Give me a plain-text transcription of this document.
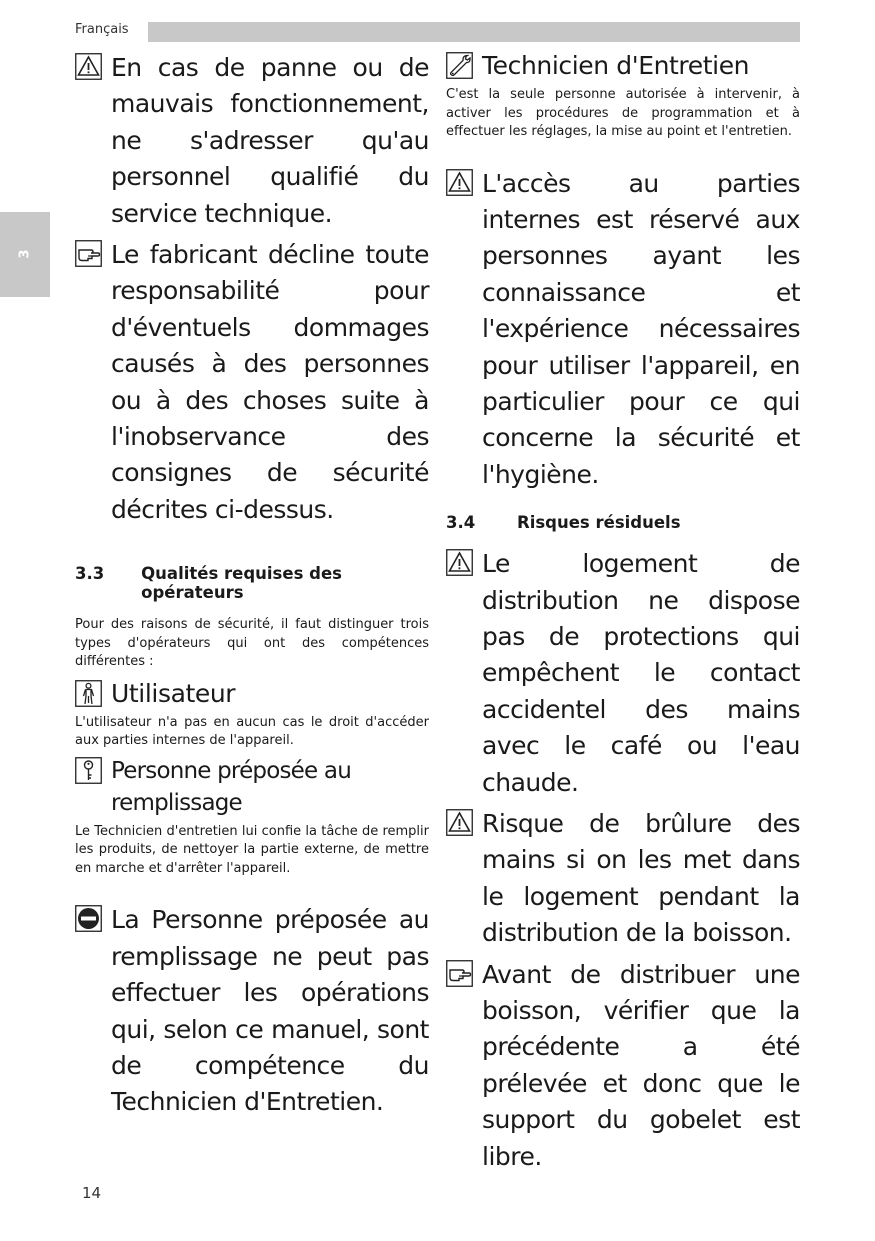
Français
3
14
En cas de panne ou de mauvais fonctionnement, ne s'adresser qu'au personnel qualifié du service technique.
Le fabricant décline toute responsabilité pour d'éventuels dommages causés à des personnes ou à des choses suite à l'inobservance des consignes de sécurité décrites ci-dessus.
3.3	Qualités requises des opérateurs
Pour des raisons de sécurité, il faut distinguer trois types d'opérateurs qui ont des compétences différentes :
Utilisateur
L'utilisateur n'a pas en aucun cas le droit d'accéder aux parties internes de l'appareil.
Personne préposée au remplissage
Le Technicien d'entretien lui confie la tâche de remplir les produits, de nettoyer la partie externe, de mettre en marche et d'arrêter l'appareil.
La Personne préposée au remplissage ne peut pas effectuer les opérations qui, selon ce manuel, sont de compétence du Technicien d'Entretien.
Technicien d'Entretien
C'est la seule personne autorisée à intervenir, à activer les procédures de programmation et à effectuer les réglages, la mise au point et l'entretien.
L'accès au parties internes est réservé aux personnes ayant les connaissance et l'expérience nécessaires pour utiliser l'appareil, en particulier pour ce qui concerne la sécurité et l'hygiène.
3.4	Risques résiduels
Le logement de distribution ne dispose pas de protections qui empêchent le contact accidentel des mains avec le café ou l'eau chaude.
Risque de brûlure des mains si on les met dans le logement pendant la distribution de la boisson.
Avant de distribuer une boisson, vérifier que la précédente a été prélevée et donc que le support du gobelet est libre.
